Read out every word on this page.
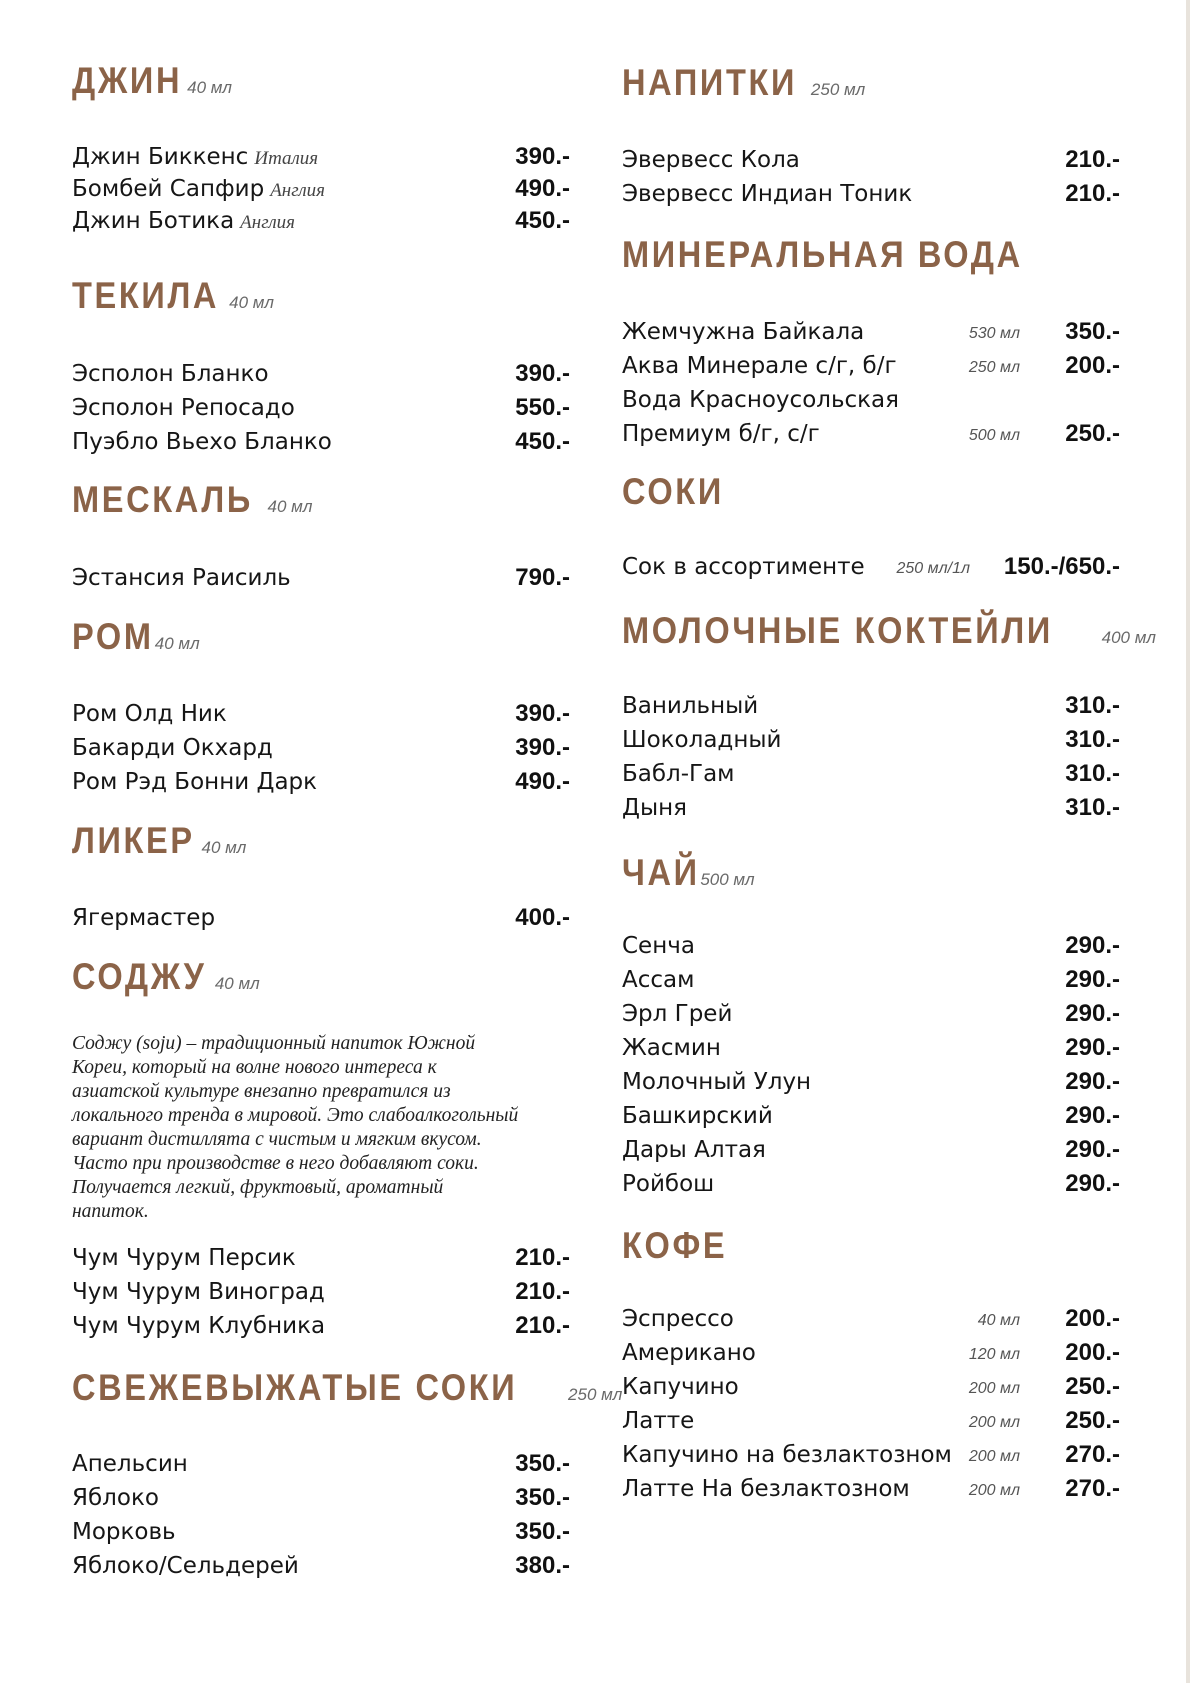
ДЖИН 40 мл
Джин Биккенс Италия	390.-
Бомбей Сапфир Англия	490.-
Джин Ботика Англия	450.-
ТЕКИЛА 40 мл
Эсполон Бланко	390.-
Эсполон Репосадо	550.-
Пуэбло Вьехо Бланко	450.-
МЕСКАЛЬ 40 мл
Эстансия Раисиль	790.-
РОМ40 мл
Ром Олд Ник	390.-
Бакарди Окхард	390.-
Ром Рэд Бонни Дарк	490.-
ЛИКЕР 40 мл
Ягермастер	400.-
СОДЖУ 40 мл
Соджу (soju) – традиционный напиток Южной
Кореи, который на волне нового интереса к
азиатской культуре внезапно превратился из
локального тренда в мировой. Это слабоалкогольный
вариант дистиллята с чистым и мягким вкусом.
Часто при производстве в него добавляют соки.
Получается легкий, фруктовый, ароматный
напиток.
Чум Чурум Персик	210.-
Чум Чурум Виноград	210.-
Чум Чурум Клубника	210.-
СВЕЖЕВЫЖАТЫЕ СОКИ	250 мл
Апельсин	350.-
Яблоко	350.-
Морковь	350.-
Яблоко/Сельдерей	380.-
НАПИТКИ 250 мл
Эвервесс Кола	210.-
Эвервесс Индиан Тоник	210.-
МИНЕРАЛЬНАЯ ВОДА
Жемчужна Байкала	530 мл 350.-
Аква Минерале с/г, б/г	250 мл 200.-
Вода Красноусольская
Премиум б/г, с/г	500 мл 250.-
СОКИ
Сок в ассортименте 250 мл/1л 150.-/650.-
МОЛОЧНЫЕ КОКТЕЙЛИ	400 мл
Ванильный	310.-
Шоколадный	310.-
Бабл-Гам	310.-
Дыня	310.-
ЧАЙ500 мл
Сенча	290.-
Ассам	290.-
Эрл Грей	290.-
Жасмин	290.-
Молочный Улун	290.-
Башкирский	290.-
Дары Алтая	290.-
Ройбош	290.-
КОФЕ
Эспрессо	40 мл 200.-
Американо	120 мл 200.-
Капучино	200 мл 250.-
Латте	200 мл 250.-
Капучино на безлактозном 200 мл 270.-
Латте На безлактозном	200 мл 270.-
